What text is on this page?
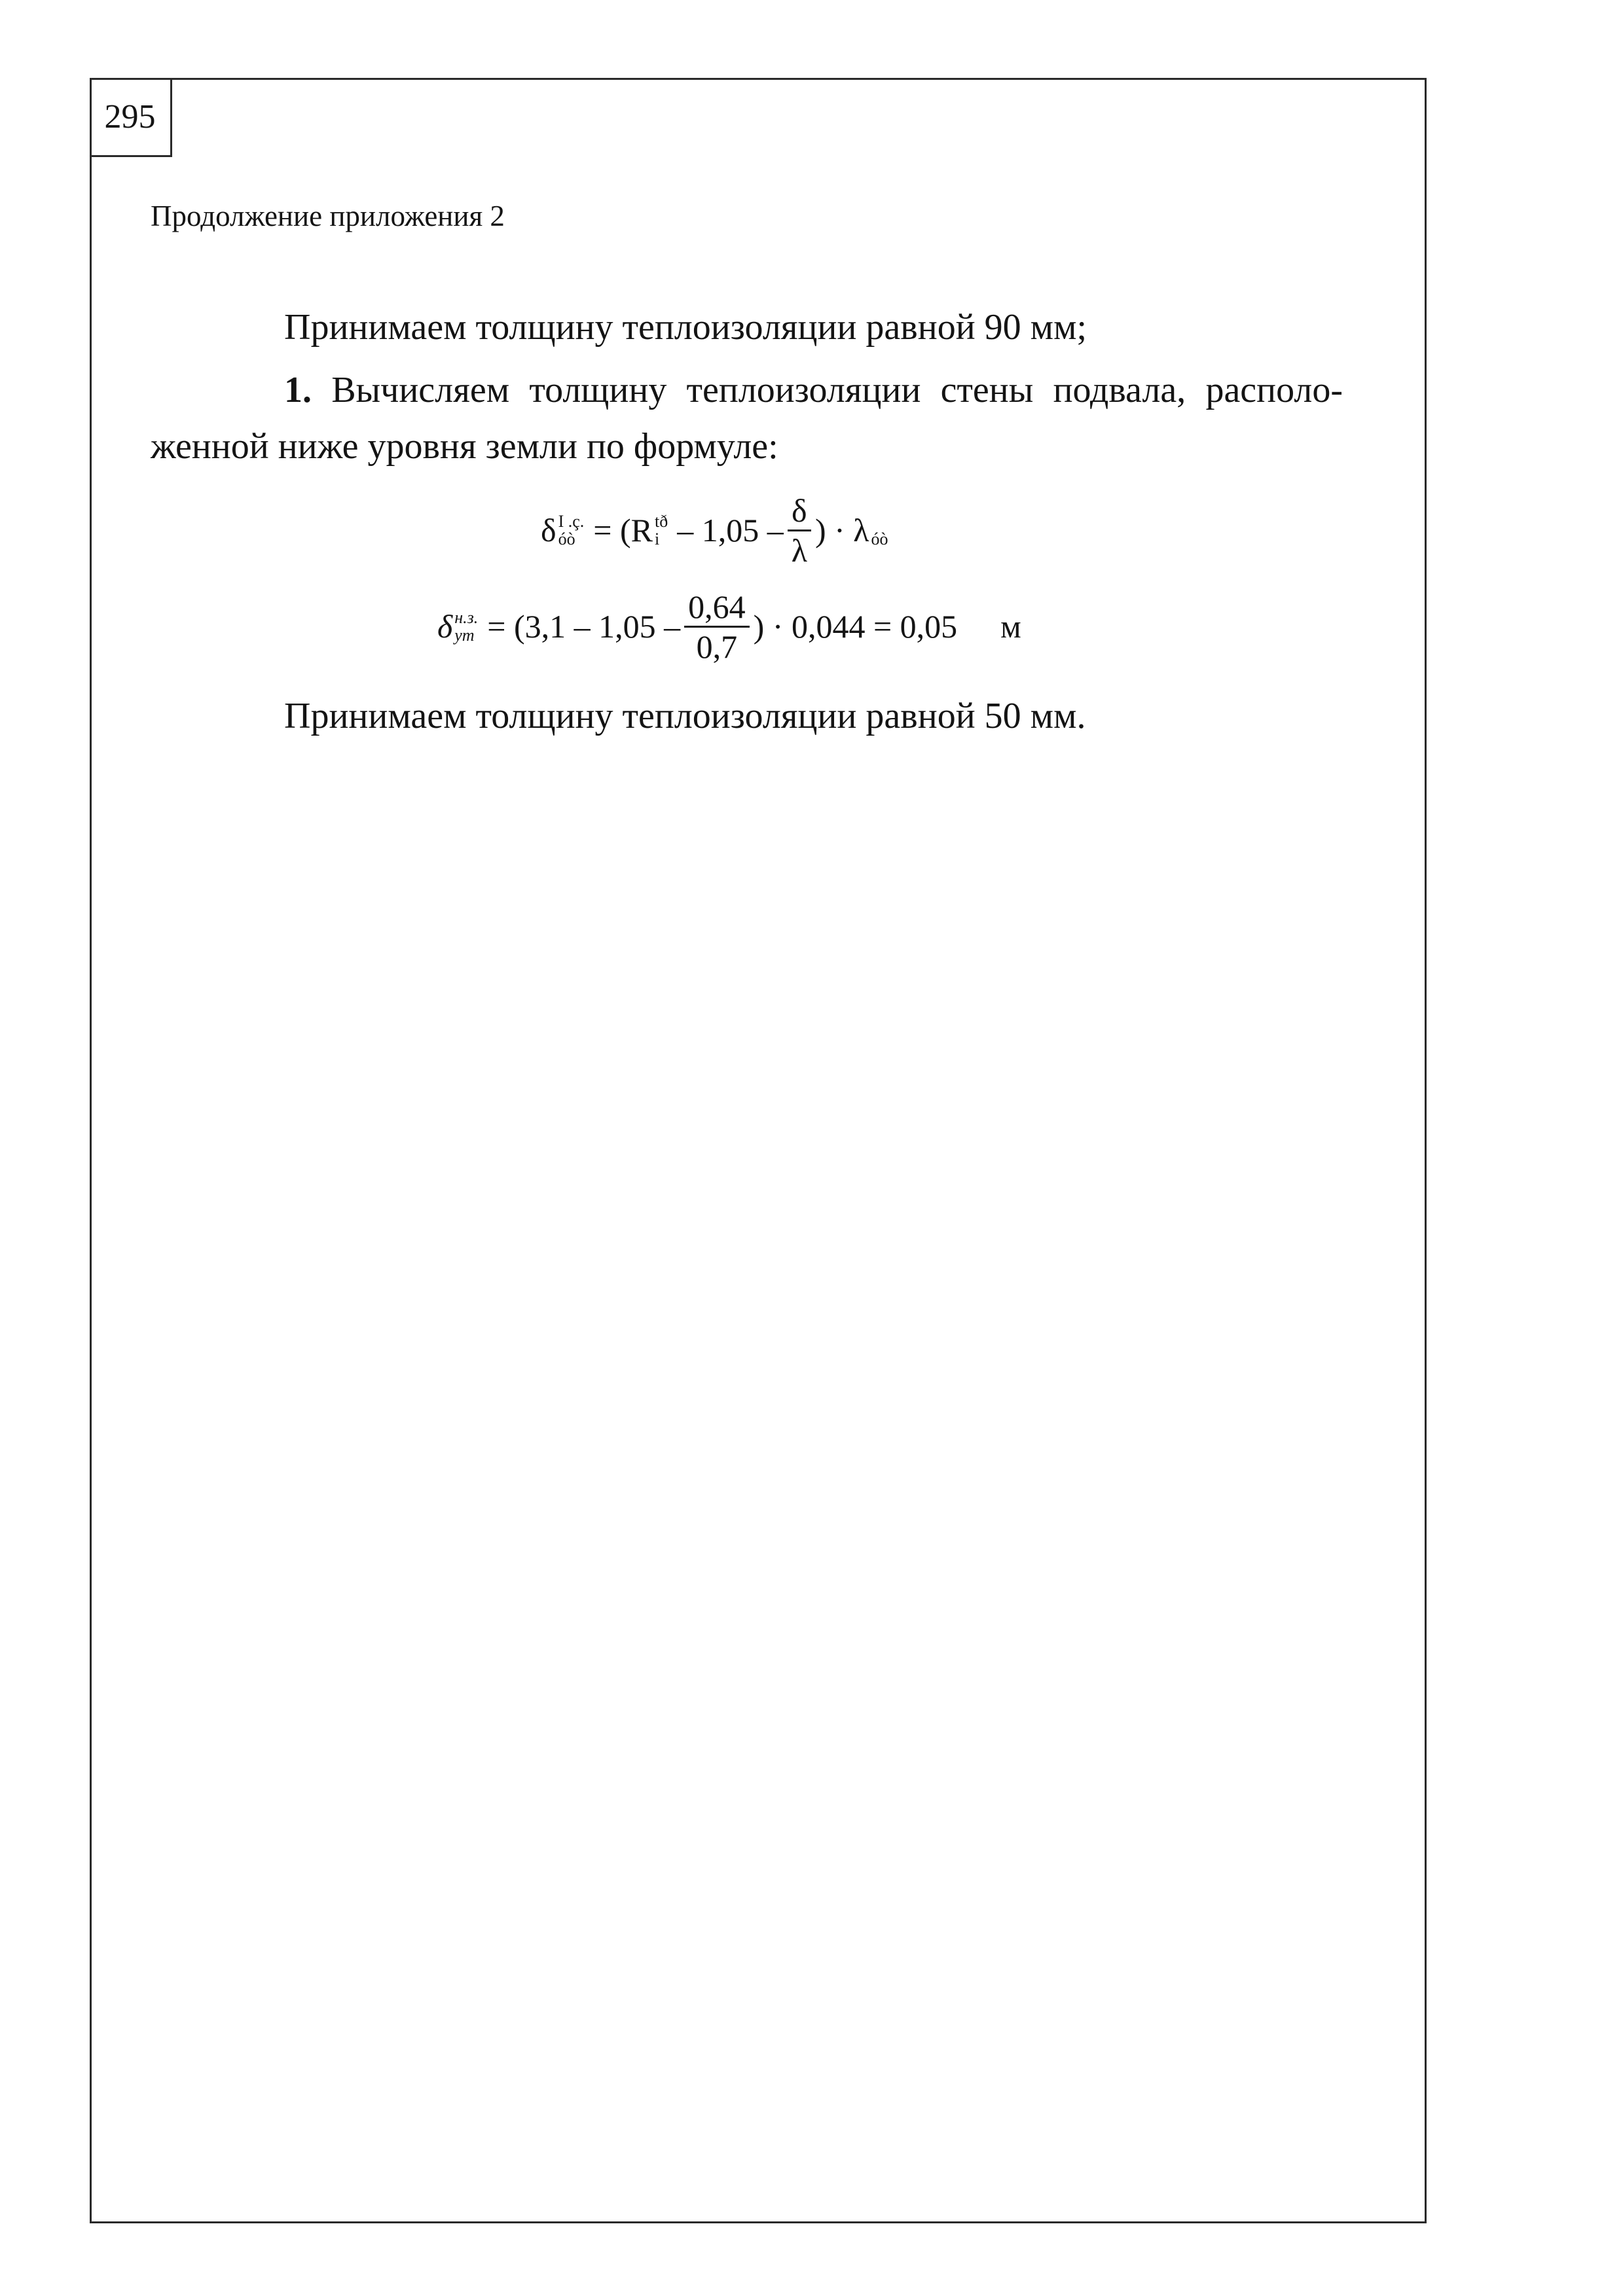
295
Продолжение приложения 2
Принимаем толщину теплоизоляции равной 90 мм;
1. Вычисляем толщину теплоизоляции стены подвала, располо-
женной ниже уровня земли по формуле:
δ I .ç.
óò = (R tð
i – $1,05 - \frac{\delta}{\lambda}$ ) · λ
óò
δ н.з.
ут = ($3,1 - 1,05 - \frac{0,64}{0,7}$ ) · 0,044 = 0,05 м
Принимаем толщину теплоизоляции равной 50 мм.
